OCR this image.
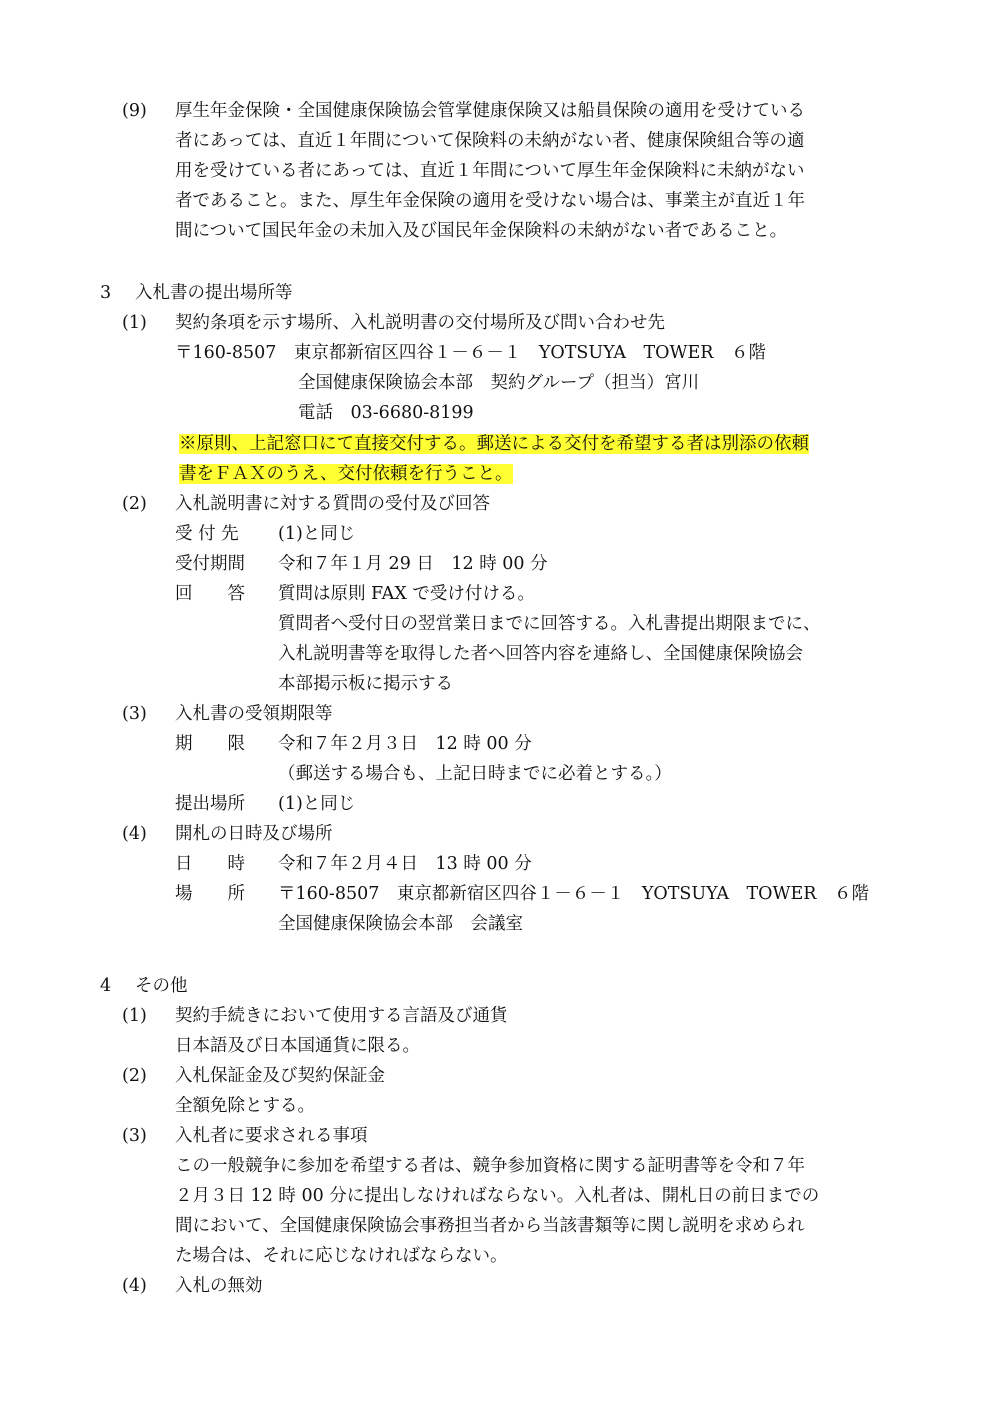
(9) 厚生年金保険・全国健康保険協会管掌健康保険又は船員保険の適用を受けている
者にあっては、直近１年間について保険料の未納がない者、健康保険組合等の適
用を受けている者にあっては、直近１年間について厚生年金保険料に未納がない
者であること。また、厚生年金保険の適用を受けない場合は、事業主が直近１年
間について国民年金の未加入及び国民年金保険料の未納がない者であること。
3 入札書の提出場所等
(1) 契約条項を示す場所、入札説明書の交付場所及び問い合わせ先
〒160-8507　東京都新宿区四谷１－６－１　YOTSUYA　TOWER　６階
全国健康保険協会本部　契約グループ（担当）宮川
電話　03-6680-8199
※原則、上記窓口にて直接交付する。郵送による交付を希望する者は別添の依頼
書をＦＡＸのうえ、交付依頼を行うこと。
(2) 入札説明書に対する質問の受付及び回答
受 付 先 (1)と同じ
受付期間 令和７年１月 29 日　12 時 00 分
回　　答 質問は原則 FAX で受け付ける。
質問者へ受付日の翌営業日までに回答する。入札書提出期限までに、
入札説明書等を取得した者へ回答内容を連絡し、全国健康保険協会
本部掲示板に掲示する
(3) 入札書の受領期限等
期　　限 令和７年２月３日　12 時 00 分
（郵送する場合も、上記日時までに必着とする。）
提出場所 (1)と同じ
(4) 開札の日時及び場所
日　　時 令和７年２月４日　13 時 00 分
場　　所 〒160-8507　東京都新宿区四谷１－６－１　YOTSUYA　TOWER　６階
全国健康保険協会本部　会議室
4 その他
(1) 契約手続きにおいて使用する言語及び通貨
日本語及び日本国通貨に限る。
(2) 入札保証金及び契約保証金
全額免除とする。
(3) 入札者に要求される事項
この一般競争に参加を希望する者は、競争参加資格に関する証明書等を令和７年
２月３日 12 時 00 分に提出しなければならない。入札者は、開札日の前日までの
間において、全国健康保険協会事務担当者から当該書類等に関し説明を求められ
た場合は、それに応じなければならない。
(4) 入札の無効
